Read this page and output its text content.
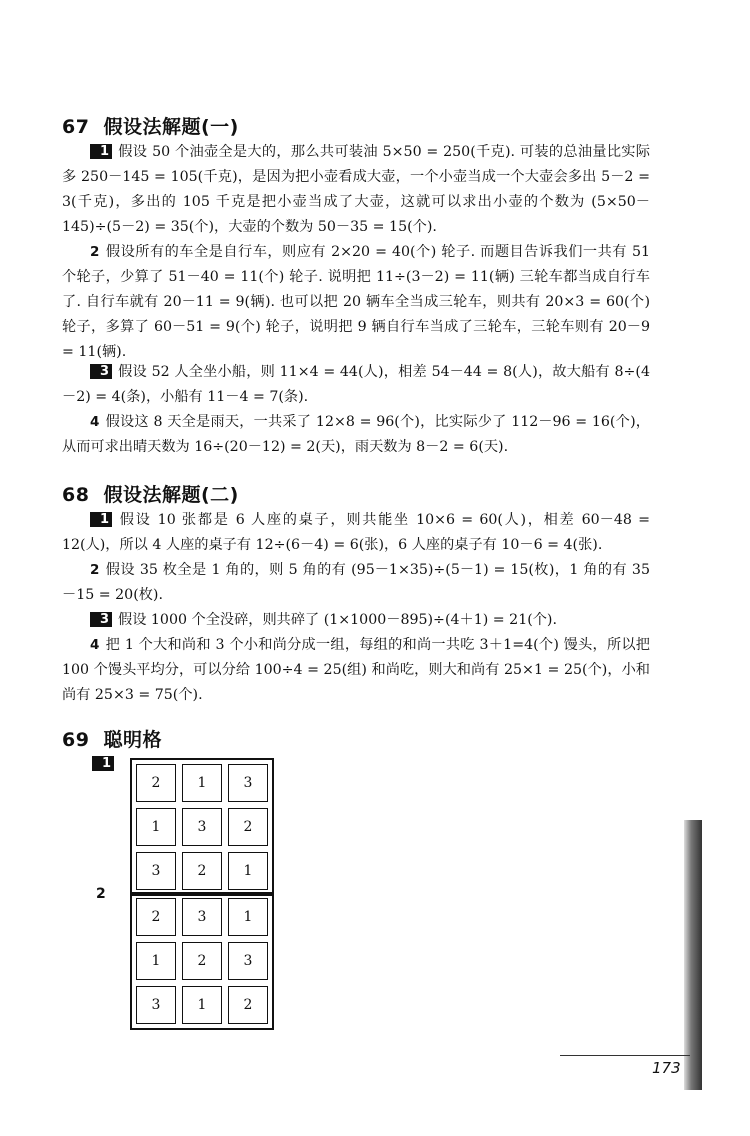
67 假设法解题(一)
1 假设 50 个油壶全是大的，那么共可装油 5×50 = 250(千克). 可装的总油量比实际多 250－145 = 105(千克)，是因为把小壶看成大壶，一个小壶当成一个大壶会多出 5－2 = 3(千克)，多出的 105 千克是把小壶当成了大壶，这就可以求出小壶的个数为 (5×50－145)÷(5－2) = 35(个)，大壶的个数为 50－35 = 15(个).
2 假设所有的车全是自行车，则应有 2×20 = 40(个) 轮子. 而题目告诉我们一共有 51 个轮子，少算了 51－40 = 11(个) 轮子. 说明把 11÷(3－2) = 11(辆) 三轮车都当成自行车了. 自行车就有 20－11 = 9(辆). 也可以把 20 辆车全当成三轮车，则共有 20×3 = 60(个) 轮子，多算了 60－51 = 9(个) 轮子，说明把 9 辆自行车当成了三轮车，三轮车则有 20－9 = 11(辆).
3 假设 52 人全坐小船，则 11×4 = 44(人)，相差 54－44 = 8(人)，故大船有 8÷(4－2) = 4(条)，小船有 11－4 = 7(条).
4 假设这 8 天全是雨天，一共采了 12×8 = 96(个)，比实际少了 112－96 = 16(个)，从而可求出晴天数为 16÷(20－12) = 2(天)，雨天数为 8－2 = 6(天).
68 假设法解题(二)
1 假设 10 张都是 6 人座的桌子，则共能坐 10×6 = 60(人)，相差 60－48 = 12(人)，所以 4 人座的桌子有 12÷(6－4) = 6(张)，6 人座的桌子有 10－6 = 4(张).
2 假设 35 枚全是 1 角的，则 5 角的有 (95－1×35)÷(5－1) = 15(枚)，1 角的有 35－15 = 20(枚).
3 假设 1000 个全没碎，则共碎了 (1×1000－895)÷(4＋1) = 21(个).
4 把 1 个大和尚和 3 个小和尚分成一组，每组的和尚一共吃 3＋1=4(个) 馒头，所以把 100 个馒头平均分，可以分给 100÷4 = 25(组) 和尚吃，则大和尚有 25×1 = 25(个)，小和尚有 25×3 = 75(个).
69 聪明格
1
2	1	3
1	3	2
3	2	1
2
2	3	1
1	2	3
3	1	2
173
